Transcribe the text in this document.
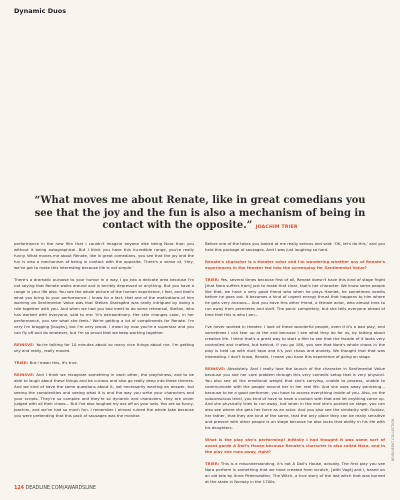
Dynamic Duos
“What moves me about Renate, like in great comedians you see that the joy and the fun is also a mechanism of being in contact with the opposite.” JOACHIM TRIER

performance in the new film that I couldn't imagine anyone else being Nora than you without it being autographical. But I think you have this incredible range, you're really funny. What moves me about Renate, like in great comedians, you see that the joy and the fun is also a mechanism of being in contact with the opposite. There's a sense of, 'Hey, we've got to make this interesting because life is not simple.'

There's a dramatic purpose to your humor in a way. I go into a delicate area because I'm not saying that Renate walks around and is terribly depressed or anything. But you have a range in your life also. You see the whole picture of the human experience, I feel, and that's what you bring to your performance. I know for a fact, that one of the motivations of him working on Sentimental Value was that Stellan Skarsgård was really intrigued by doing a role together with you. And when we had you two meet to do some rehearsal, Stellan, who has worked with everyone, said to me: 'It's extraordinary. Her skin changes color, in her performance, you see what she feels.' We're getting a lot of compliments for Renate. I'm very I'm bragging [laughs], but I'm very proud. I mean by now you're a superstar and you can fly off and do whatever, but I'm so proud that we keep working together.

REINSVE: You're talking for 10 minutes about so many nice things about me. I'm getting shy and really, really moved.

TRIER: But I mean this, it's true.

REINSVE: And I think we recognize something in each other, the playfulness, and to be able to laugh about these things and be curious and also go really deep into these themes. And we kind of have the same questions about it, not necessarily wanting an answer, but seeing the complexities and seeing what it is and the way you write your characters and your scripts. They're so complex and they're so dynamic and characters, they are never judged with all their chaos... But I've also laughed my ass off on your sets. You are so funny, Joachim, and we've had so much fun. I remember I almost ruined the whole take because you were pretending that this pack of sausages was the monitor.

Before one of the takes you looked at me really serious and said: 'OK, let's do this,' and you held this package of sausages. And I was just laughing so hard.

Renate's character is a theater actor and I'm wondering whether any of Renate's experiences in the theater fed into the screenplay for Sentimental Value?

TRIER: Yes, several times because first of all, Renate doesn't have this kind of stage fright [that Nora suffers from] just to make that clear, that's her character. We know some people like that, we have a very good friend who when he plays Hamlet, he sometimes vomits before he goes out. It becomes a kind of urgent energy thrust that happens to him where he gets very anxious... And you have this other friend, a female actor, who almost tries to run away from premieres and stuff. The panic completely, but she tells everyone ahead of time that this is who I am...

I've never worked in theater. I look at these wonderful people, even if it's a bad play, and sometimes I can tear up at the end because I see what they do for us, by talking about creative life. I think that's a great way to start a film to see that the facade of it looks very controlled and crafted, but behind, if you go 180, you see that Nora's whole chaos in the play is held up with duct tape and it's just chaos and anxiety. We thought that that was interesting. I don't know, Renate, I mean you have this experience of going on stage.

REINSVE: Absolutely. And I really love the launch of the character in Sentimental Value because you see her core problem through this very comedic setup that is very physical. You also see all the emotional weight that she's carrying, unable to process, unable to communicate with the people around her in her real life. And she uses away panicking... because to be a good performer, you have to access everything inside of you. Also, on the subconscious level, you kind of have to have a contact with that and let anything come up. And she physically tries to run away, but when in the end she's pushed on stage, you can also see where she gets her force as an actor. And you also see the similarity with Gustav, her father, that they are kind of the same, that the only place they can be really sensitive and present with other people is on stage because he also lacks that ability in his life with his daughters.

What is the play she's performing? Initially I had thought it was some sort of avant garde A Doll's House because Renate's character is also called Nora, and in the play she runs away, right?

TRIER: This is a misunderstanding, it's not A Doll's House, actually. The first play you see Nora perform is something that we have created from scratch, [with Vogt] and I, based on an old tale by Anne Pedersdotter, The Witch, a true story of the last witch that was burned at the stake in Norway in the 1700s.

124 DEADLINE.COM/AWARDSLINE
NOIR/NEOKT COLLECTION
